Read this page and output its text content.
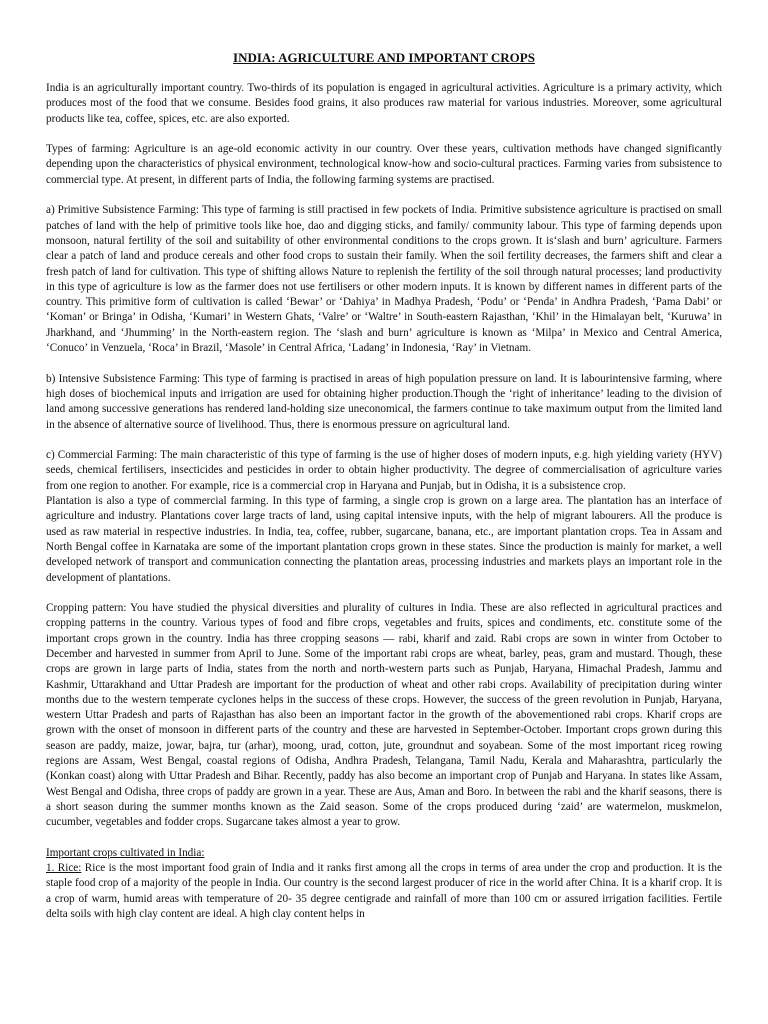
INDIA: AGRICULTURE AND IMPORTANT CROPS

India is an agriculturally important country. Two-thirds of its population is engaged in agricultural activities. Agriculture is a primary activity, which produces most of the food that we consume. Besides food grains, it also produces raw material for various industries. Moreover, some agricultural products like tea, coffee, spices, etc. are also exported.

Types of farming: Agriculture is an age-old economic activity in our country. Over these years, cultivation methods have changed significantly depending upon the characteristics of physical environment, technological know-how and socio-cultural practices. Farming varies from subsistence to commercial type. At present, in different parts of India, the following farming systems are practised.

a) Primitive Subsistence Farming: This type of farming is still practised in few pockets of India. Primitive subsistence agriculture is practised on small patches of land with the help of primitive tools like hoe, dao and digging sticks, and family/ community labour. This type of farming depends upon monsoon, natural fertility of the soil and suitability of other environmental conditions to the crops grown. It is‘slash and burn’ agriculture. Farmers clear a patch of land and produce cereals and other food crops to sustain their family. When the soil fertility decreases, the farmers shift and clear a fresh patch of land for cultivation. This type of shifting allows Nature to replenish the fertility of the soil through natural processes; land productivity in this type of agriculture is low as the farmer does not use fertilisers or other modern inputs. It is known by different names in different parts of the country. This primitive form of cultivation is called ‘Bewar’ or ‘Dahiya’ in Madhya Pradesh, ‘Podu’ or ‘Penda’ in Andhra Pradesh, ‘Pama Dabi’ or ‘Koman’ or Bringa’ in Odisha, ‘Kumari’ in Western Ghats, ‘Valre’ or ‘Waltre’ in South-eastern Rajasthan, ‘Khil’ in the Himalayan belt, ‘Kuruwa’ in Jharkhand, and ‘Jhumming’ in the North-eastern region. The ‘slash and burn’ agriculture is known as ‘Milpa’ in Mexico and Central America, ‘Conuco’ in Venzuela, ‘Roca’ in Brazil, ‘Masole’ in Central Africa, ‘Ladang’ in Indonesia, ‘Ray’ in Vietnam.

b) Intensive Subsistence Farming: This type of farming is practised in areas of high population pressure on land. It is labourintensive farming, where high doses of biochemical inputs and irrigation are used for obtaining higher production.Though the ‘right of inheritance’ leading to the division of land among successive generations has rendered land-holding size uneconomical, the farmers continue to take maximum output from the limited land in the absence of alternative source of livelihood. Thus, there is enormous pressure on agricultural land.

c) Commercial Farming: The main characteristic of this type of farming is the use of higher doses of modern inputs, e.g. high yielding variety (HYV) seeds, chemical fertilisers, insecticides and pesticides in order to obtain higher productivity. The degree of commercialisation of agriculture varies from one region to another. For example, rice is a commercial crop in Haryana and Punjab, but in Odisha, it is a subsistence crop.

Plantation is also a type of commercial farming. In this type of farming, a single crop is grown on a large area. The plantation has an interface of agriculture and industry. Plantations cover large tracts of land, using capital intensive inputs, with the help of migrant labourers. All the produce is used as raw material in respective industries. In India, tea, coffee, rubber, sugarcane, banana, etc., are important plantation crops. Tea in Assam and North Bengal coffee in Karnataka are some of the important plantation crops grown in these states. Since the production is mainly for market, a well developed network of transport and communication connecting the plantation areas, processing industries and markets plays an important role in the development of plantations.

Cropping pattern: You have studied the physical diversities and plurality of cultures in India. These are also reflected in agricultural practices and cropping patterns in the country. Various types of food and fibre crops, vegetables and fruits, spices and condiments, etc. constitute some of the important crops grown in the country. India has three cropping seasons — rabi, kharif and zaid. Rabi crops are sown in winter from October to December and harvested in summer from April to June. Some of the important rabi crops are wheat, barley, peas, gram and mustard. Though, these crops are grown in large parts of India, states from the north and north-western parts such as Punjab, Haryana, Himachal Pradesh, Jammu and Kashmir, Uttarakhand and Uttar Pradesh are important for the production of wheat and other rabi crops. Availability of precipitation during winter months due to the western temperate cyclones helps in the success of these crops. However, the success of the green revolution in Punjab, Haryana, western Uttar Pradesh and parts of Rajasthan has also been an important factor in the growth of the abovementioned rabi crops. Kharif crops are grown with the onset of monsoon in different parts of the country and these are harvested in September-October. Important crops grown during this season are paddy, maize, jowar, bajra, tur (arhar), moong, urad, cotton, jute, groundnut and soyabean. Some of the most important riceg rowing regions are Assam, West Bengal, coastal regions of Odisha, Andhra Pradesh, Telangana, Tamil Nadu, Kerala and Maharashtra, particularly the (Konkan coast) along with Uttar Pradesh and Bihar. Recently, paddy has also become an important crop of Punjab and Haryana. In states like Assam, West Bengal and Odisha, three crops of paddy are grown in a year. These are Aus, Aman and Boro. In between the rabi and the kharif seasons, there is a short season during the summer months known as the Zaid season. Some of the crops produced during ‘zaid’ are watermelon, muskmelon, cucumber, vegetables and fodder crops. Sugarcane takes almost a year to grow.

Important crops cultivated in India:

1. Rice: Rice is the most important food grain of India and it ranks first among all the crops in terms of area under the crop and production. It is the staple food crop of a majority of the people in India. Our country is the second largest producer of rice in the world after China. It is a kharif crop. It is a crop of warm, humid areas with temperature of 20- 35 degree centigrade and rainfall of more than 100 cm or assured irrigation facilities. Fertile delta soils with high clay content are ideal. A high clay content helps in
